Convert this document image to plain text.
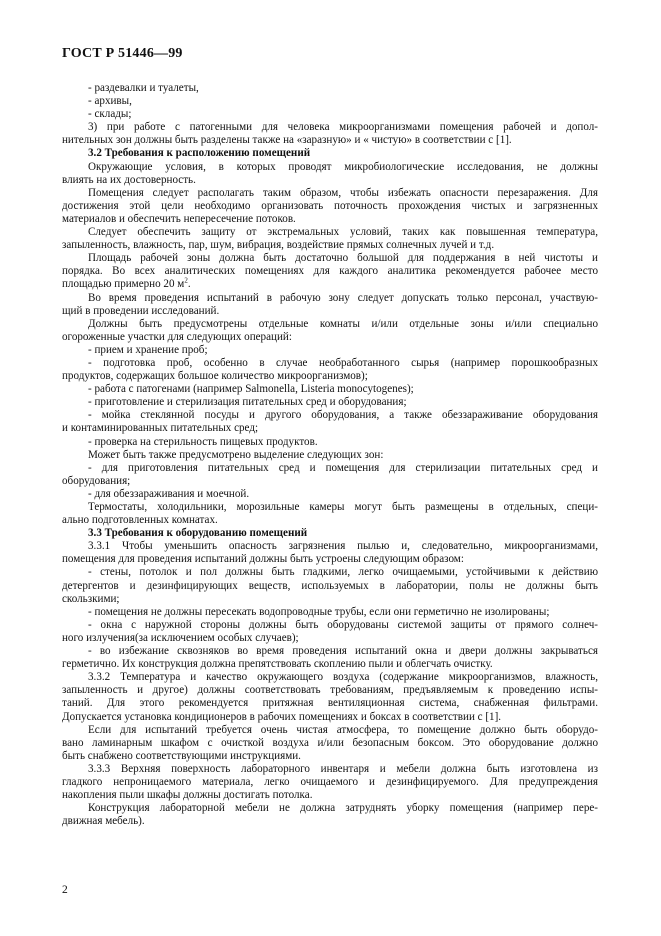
ГОСТ Р 51446—99
- раздевалки и туалеты,
- архивы,
- склады;
3) при работе с патогенными для человека микроорганизмами помещения рабочей и допол-
нительных зон должны быть разделены также на «заразную» и « чистую» в соответствии с [1].
3.2 Требования к расположению помещений
Окружающие условия, в которых проводят микробиологические исследования, не должны
влиять на их достоверность.
Помещения следует располагать таким образом, чтобы избежать опасности перезаражения. Для
достижения этой цели необходимо организовать поточность прохождения чистых и загрязненных
материалов и обеспечить непересечение потоков.
Следует обеспечить защиту от экстремальных условий, таких как повышенная температура,
запыленность, влажность, пар, шум, вибрация, воздействие прямых солнечных лучей и т.д.
Площадь рабочей зоны должна быть достаточно большой для поддержания в ней чистоты и
порядка. Во всех аналитических помещениях для каждого аналитика рекомендуется рабочее место
площадью примерно 20 $м^2$.
Во время проведения испытаний в рабочую зону следует допускать только персонал, участвую-
щий в проведении исследований.
Должны быть предусмотрены отдельные комнаты и/или отдельные зоны и/или специально
огороженные участки для следующих операций:
- прием и хранение проб;
- подготовка проб, особенно в случае необработанного сырья (например порошкообразных
продуктов, содержащих большое количество микроорганизмов);
- работа с патогенами (например Salmonella, Listeria monocytogenes);
- приготовление и стерилизация питательных сред и оборудования;
- мойка стеклянной посуды и другого оборудования, а также обеззараживание оборудования
и контаминированных питательных сред;
- проверка на стерильность пищевых продуктов.
Может быть также предусмотрено выделение следующих зон:
- для приготовления питательных сред и помещения для стерилизации питательных сред и
оборудования;
- для обеззараживания и моечной.
Термостаты, холодильники, морозильные камеры могут быть размещены в отдельных, специ-
ально подготовленных комнатах.
3.3 Требования к оборудованию помещений
3.3.1 Чтобы уменьшить опасность загрязнения пылью и, следовательно, микроорганизмами,
помещения для проведения испытаний должны быть устроены следующим образом:
- стены, потолок и пол должны быть гладкими, легко очищаемыми, устойчивыми к действию
детергентов и дезинфицирующих веществ, используемых в лаборатории, полы не должны быть
скользкими;
- помещения не должны пересекать водопроводные трубы, если они герметично не изолированы;
- окна с наружной стороны должны быть оборудованы системой защиты от прямого солнеч-
ного излучения(за исключением особых случаев);
- во избежание сквозняков во время проведения испытаний окна и двери должны закрываться
герметично. Их конструкция должна препятствовать скоплению пыли и облегчать очистку.
3.3.2 Температура и качество окружающего воздуха (содержание микроорганизмов, влажность,
запыленность и другое) должны соответствовать требованиям, предъявляемым к проведению испы-
таний. Для этого рекомендуется притяжная вентиляционная система, снабженная фильтрами.
Допускается установка кондиционеров в рабочих помещениях и боксах в соответствии с [1].
Если для испытаний требуется очень чистая атмосфера, то помещение должно быть оборудо-
вано ламинарным шкафом с очисткой воздуха и/или безопасным боксом. Это оборудование должно
быть снабжено соответствующими инструкциями.
3.3.3 Верхняя поверхность лабораторного инвентаря и мебели должна быть изготовлена из
гладкого непроницаемого материала, легко очищаемого и дезинфицируемого. Для предупреждения
накопления пыли шкафы должны достигать потолка.
Конструкция лабораторной мебели не должна затруднять уборку помещения (например пере-
движная мебель).
2
